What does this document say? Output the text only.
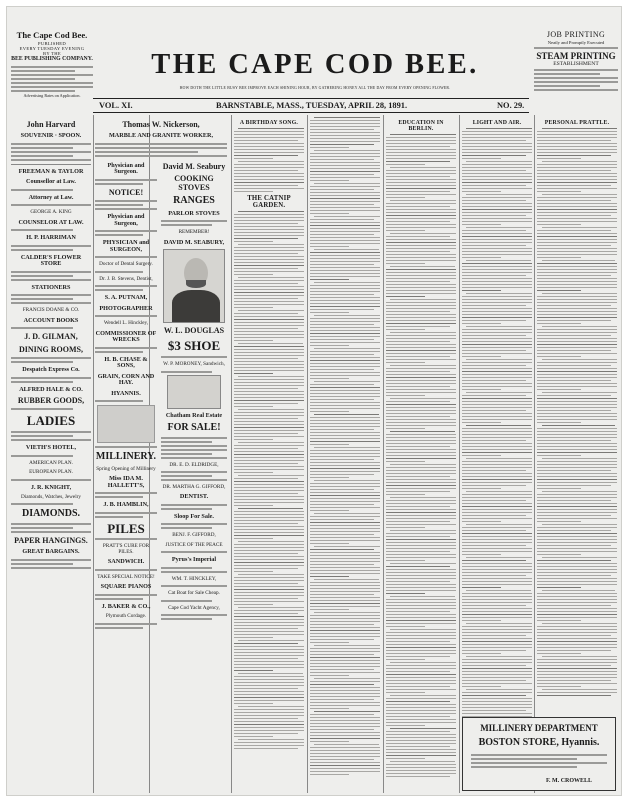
The Cape Cod Bee.
PUBLISHED
EVERY TUESDAY EVENING
BY THE
BEE PUBLISHING COMPANY.
Advertising Rates on Application.
JOB PRINTING
Neatly and Promptly Executed
STEAM PRINTING
ESTABLISHMENT
THE CAPE COD BEE.
HOW DOTH THE LITTLE BUSY BEE IMPROVE EACH SHINING HOUR, BY GATHERING HONEY ALL THE DAY FROM EVERY OPENING FLOWER.
VOL. XI.	BARNSTABLE, MASS., TUESDAY, APRIL 28, 1891.	NO. 29.
John Harvard
SOUVENIR · SPOON.
FREEMAN & TAYLOR
Counsellor at Law.
Attorney at Law.
GEORGE A. KING
COUNSELOR AT LAW.
H. P. HARRIMAN
CALDER'S FLOWER STORE
STATIONERS
FRANCIS DOANE & CO.
ACCOUNT BOOKS
J. D. GILMAN,
DINING ROOMS,
Despatch Express Co.
ALFRED HALE & CO.
RUBBER GOODS,
LADIES
VIETH'S HOTEL,
AMERICAN PLAN.
EUROPEAN PLAN.
J. R. KNIGHT,
Diamonds, Watches, Jewelry
DIAMONDS.
PAPER HANGINGS.
GREAT BARGAINS.
Thomas W. Nickerson,
MARBLE AND GRANITE WORKER,
Physician and Surgeon.
NOTICE!
Physician and Surgeon,
PHYSICIAN and SURGEON,
Doctor of Dental Surgery.
Dr. J. B. Stevens, Dentist,
S. A. PUTNAM,
PHOTOGRAPHER
Wendell L. Hinckley,
COMMISSIONER OF WRECKS
H. B. CHASE & SONS,
GRAIN, CORN AND HAY.
HYANNIS.
MILLINERY.
Spring Opening of Millinery
Miss IDA M. HALLETT'S,
J. B. HAMBLIN,
PILES
PRATT'S CURE FOR PILES.
SANDWICH.
TAKE SPECIAL NOTICE!
SQUARE PIANOS
J. BAKER & CO.,
Plymouth Cordage.
David M. Seabury
COOKING STOVES
RANGES
PARLOR STOVES
REMEMBER!
DAVID M. SEABURY,
W. L. DOUGLAS
$3 SHOE
W. P. MORONEY, Sandwich,
Chatham Real Estate
FOR SALE!
DR. E. D. ELDRIDGE,
DR. MARTHA G. GIFFORD,
DENTIST.
Sloop For Sale.
BENJ. F. GIFFORD,
JUSTICE OF THE PEACE
Pyrus's Imperial
WM. T. HINCKLEY,
Cat Boat for Sale Cheap.
Cape Cod Yacht Agency,
A BIRTHDAY SONG.
THE CATNIP GARDEN.
EDUCATION IN BERLIN.
LIGHT AND AIR.	PERSONAL PRATTLE.
MILLINERY DEPARTMENT
BOSTON STORE, Hyannis.
F. M. CROWELL
